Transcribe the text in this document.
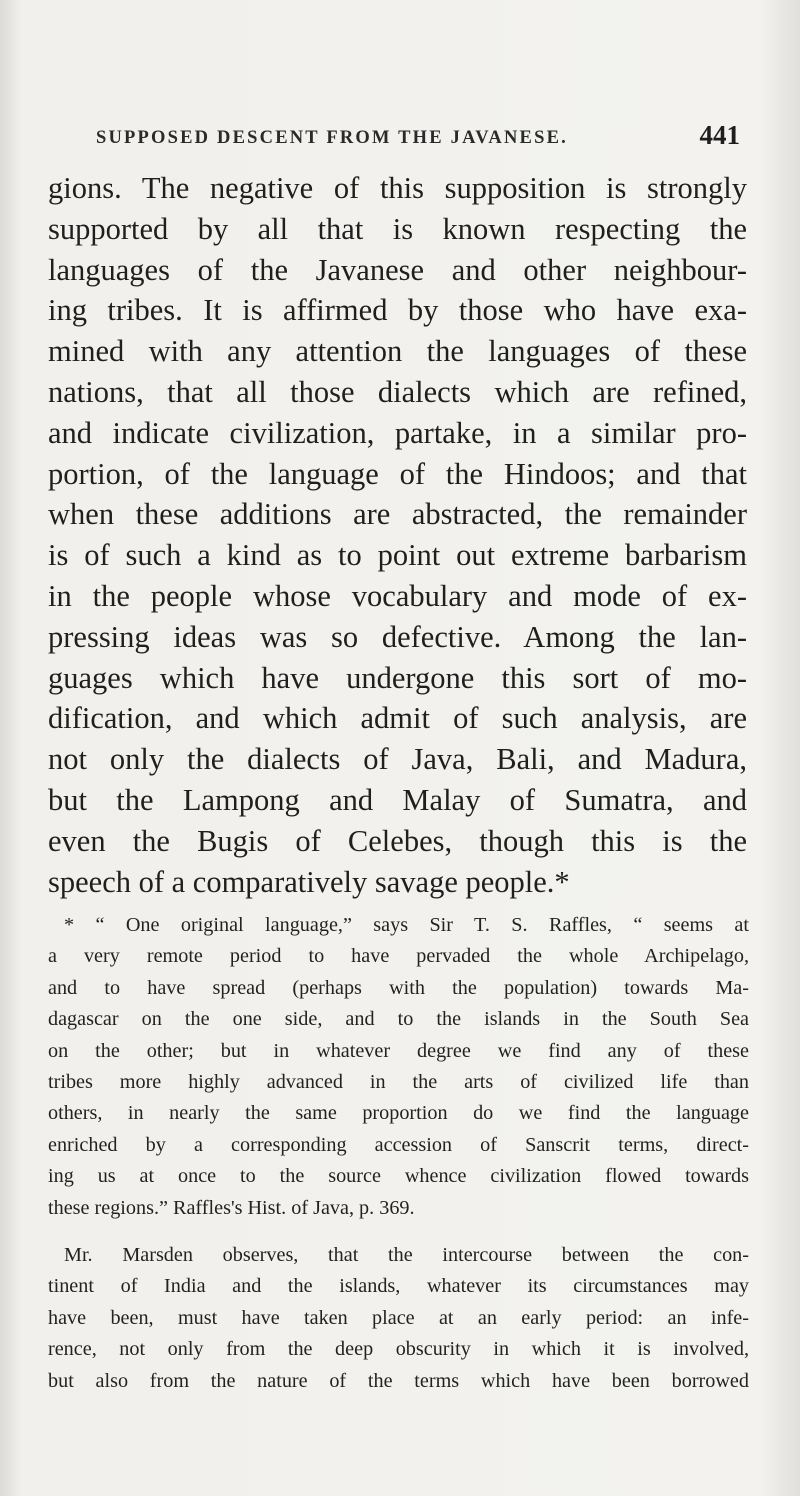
SUPPOSED DESCENT FROM THE JAVANESE.	441
gions. The negative of this supposition is strongly
supported by all that is known respecting the
languages of the Javanese and other neighbour-
ing tribes. It is affirmed by those who have exa-
mined with any attention the languages of these
nations, that all those dialects which are refined,
and indicate civilization, partake, in a similar pro-
portion, of the language of the Hindoos; and that
when these additions are abstracted, the remainder
is of such a kind as to point out extreme barbarism
in the people whose vocabulary and mode of ex-
pressing ideas was so defective. Among the lan-
guages which have undergone this sort of mo-
dification, and which admit of such analysis, are
not only the dialects of Java, Bali, and Madura,
but the Lampong and Malay of Sumatra, and
even the Bugis of Celebes, though this is the
speech of a comparatively savage people.*
* “ One original language,” says Sir T. S. Raffles, “ seems at
a very remote period to have pervaded the whole Archipelago,
and to have spread (perhaps with the population) towards Ma-
dagascar on the one side, and to the islands in the South Sea
on the other; but in whatever degree we find any of these
tribes more highly advanced in the arts of civilized life than
others, in nearly the same proportion do we find the language
enriched by a corresponding accession of Sanscrit terms, direct-
ing us at once to the source whence civilization flowed towards
these regions.” Raffles's Hist. of Java, p. 369.
Mr. Marsden observes, that the intercourse between the con-
tinent of India and the islands, whatever its circumstances may
have been, must have taken place at an early period: an infe-
rence, not only from the deep obscurity in which it is involved,
but also from the nature of the terms which have been borrowed
